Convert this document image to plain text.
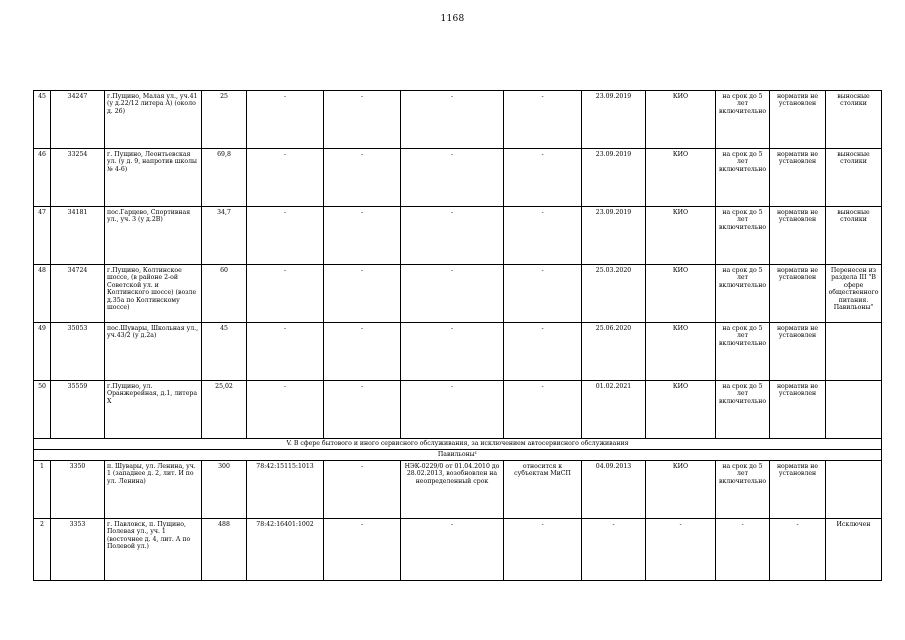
1168
45	34247	г.Пущино, Малая ул., уч.41 (у д.22/12 литера А) (около д. 26)	25	-	-	-	-	23.09.2019	КИО	на срок до 5 лет включительно	норматив не установлен	выносные столики
46	33254	г. Пущино, Леонтьевская ул. (у д. 9, напротив школы № 4-6)	69,8	-	-	-	-	23.09.2019	КИО	на срок до 5 лет включительно	норматив не установлен	выносные столики
47	34181	пос.Гарцево, Спортивная ул., уч. 3 (у д.2В)	34,7	-	-	-	-	23.09.2019	КИО	на срок до 5 лет включительно	норматив не установлен	выносные столики
48	34724	г.Пущино, Колтинское шоссе, (в районе 2-ой Советской ул. и Колтинского шоссе) (возле д.35а по Колтинскому шоссе)	60	-	-	-	-	25.03.2020	КИО	на срок до 5 лет включительно	норматив не установлен	Перенесен из раздела III "В сфере общественного питания. Павильоны"
49	35053	пос.Шувары, Школьная ул., уч.43/2 (у д.2а)	45	-	-	-	-	25.06.2020	КИО	на срок до 5 лет включительно	норматив не установлен	
50	35559	г.Пущино, ул. Оранжерейная, д.1, литера Х	25,02	-	-	-	-	01.02.2021	КИО	на срок до 5 лет включительно	норматив не установлен	
V. В сфере бытового и иного сервисного обслуживания, за исключением автосервисного обслуживания												
Павильоны¹												
1	3350	п. Шувары, ул. Ленина, уч. 1 (западнее д. 2, лит. И по ул. Ленина)	300	78:42:15115:1013	-	НЭК-0229/0 от 01.04.2010 до 28.02.2013, возобновлен на неопределенный срок	относится к субъектам МиСП	04.09.2013	КИО	на срок до 5 лет включительно	норматив не установлен	
2	3353	г. Павловск, п. Пущино, Полевая ул., уч. 1 (восточнее д. 4, лит. А по Полевой ул.)	488	78:42:16401:1002	-	-	-	-	-	-	-	Исключен
